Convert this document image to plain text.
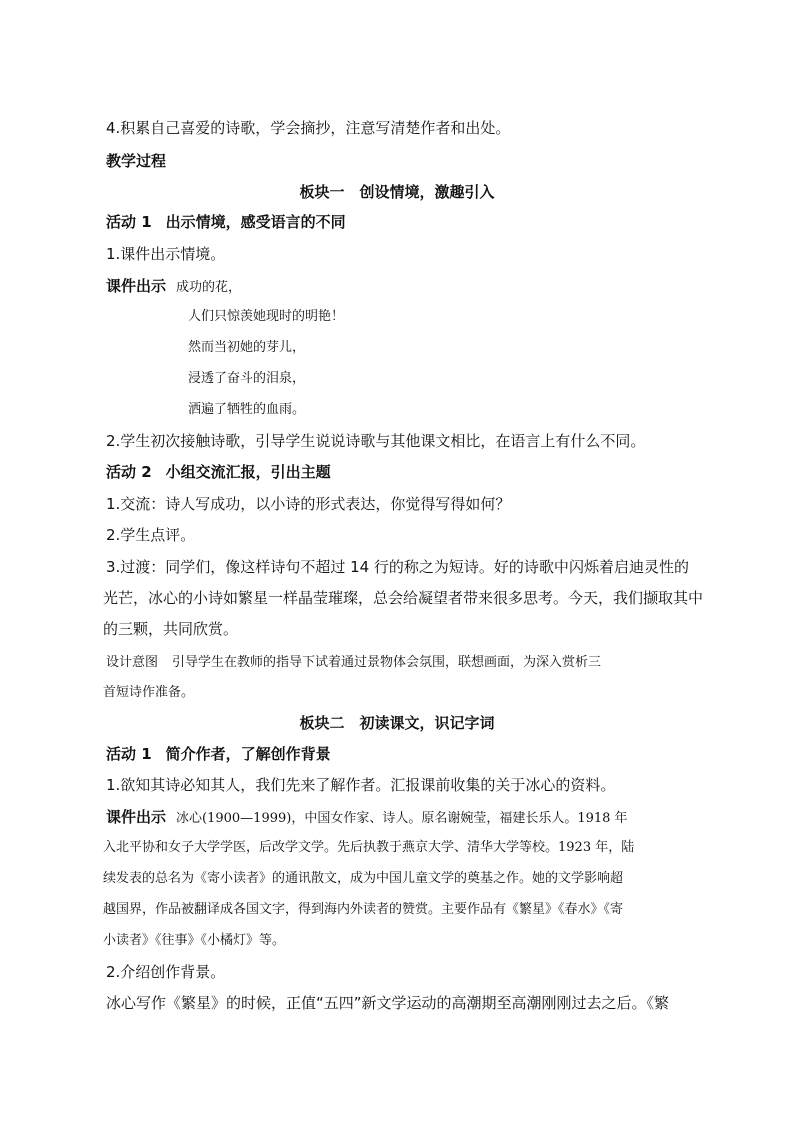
4.积累自己喜爱的诗歌，学会摘抄，注意写清楚作者和出处。
教学过程
板块一　创设情境，激趣引入
活动 1 出示情境，感受语言的不同
1.课件出示情境。
课件出示 成功的花，
人们只惊羡她现时的明艳！
然而当初她的芽儿，
浸透了奋斗的泪泉，
洒遍了牺牲的血雨。
2.学生初次接触诗歌，引导学生说说诗歌与其他课文相比，在语言上有什么不同。
活动 2 小组交流汇报，引出主题
1.交流：诗人写成功，以小诗的形式表达，你觉得写得如何？
2.学生点评。
3.过渡：同学们，像这样诗句不超过 14 行的称之为短诗。好的诗歌中闪烁着启迪灵性的
光芒，冰心的小诗如繁星一样晶莹璀璨，总会给凝望者带来很多思考。今天，我们撷取其中
的三颗，共同欣赏。
设计意图 引导学生在教师的指导下试着通过景物体会氛围，联想画面，为深入赏析三
首短诗作准备。
板块二　初读课文，识记字词
活动 1 简介作者，了解创作背景
1.欲知其诗必知其人，我们先来了解作者。汇报课前收集的关于冰心的资料。
课件出示 冰心(1900—1999)，中国女作家、诗人。原名谢婉莹，福建长乐人。1918 年
入北平协和女子大学学医，后改学文学。先后执教于燕京大学、清华大学等校。1923 年，陆
续发表的总名为《寄小读者》的通讯散文，成为中国儿童文学的奠基之作。她的文学影响超
越国界，作品被翻译成各国文字，得到海内外读者的赞赏。主要作品有《繁星》《春水》《寄
小读者》《往事》《小橘灯》等。
2.介绍创作背景。
冰心写作《繁星》的时候，正值“五四”新文学运动的高潮期至高潮刚刚过去之后。《繁
